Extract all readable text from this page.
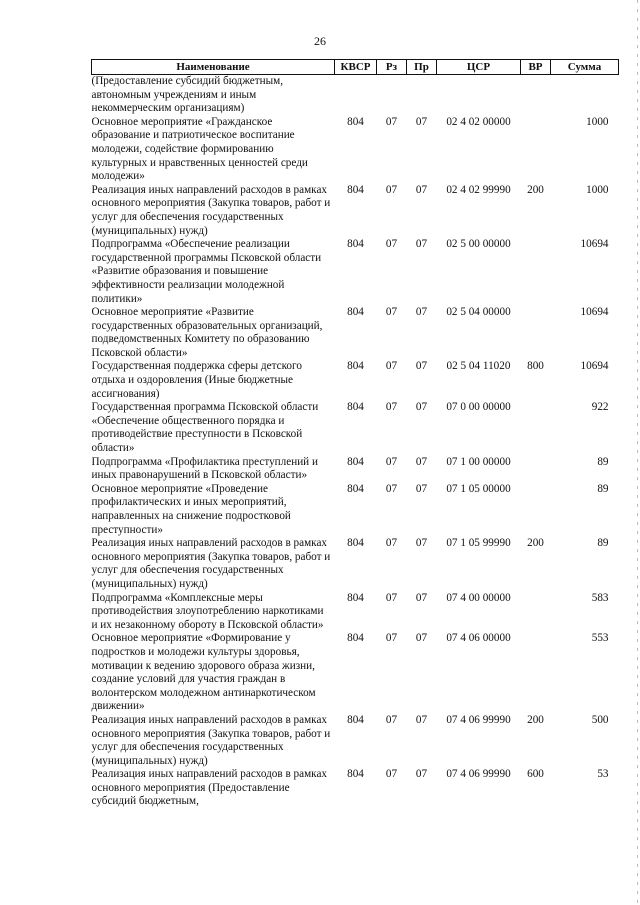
26
Наименование	КВСР	Рз	Пр	ЦСР	ВР	Сумма
(Предоставление субсидий бюджетным, автономным учреждениям и иным некоммерческим организациям)						
Основное мероприятие «Гражданское образование и патриотическое воспитание молодежи, содействие формированию культурных и нравственных ценностей среди молодежи»	804	07	07	02 4 02 00000		1000
Реализация иных направлений расходов в рамках основного мероприятия (Закупка товаров, работ и услуг для обеспечения государственных (муниципальных) нужд)	804	07	07	02 4 02 99990	200	1000
Подпрограмма «Обеспечение реализации государственной программы Псковской области «Развитие образования и повышение эффективности реализации молодежной политики»	804	07	07	02 5 00 00000		10694
Основное мероприятие «Развитие государственных образовательных организаций, подведомственных Комитету по образованию Псковской области»	804	07	07	02 5 04 00000		10694
Государственная поддержка сферы детского отдыха и оздоровления (Иные бюджетные ассигнования)	804	07	07	02 5 04 11020	800	10694
Государственная программа Псковской области «Обеспечение общественного порядка и противодействие преступности в Псковской области»	804	07	07	07 0 00 00000		922
Подпрограмма «Профилактика преступлений и иных правонарушений в Псковской области»	804	07	07	07 1 00 00000		89
Основное мероприятие «Проведение профилактических и иных мероприятий, направленных на снижение подростковой преступности»	804	07	07	07 1 05 00000		89
Реализация иных направлений расходов в рамках основного мероприятия (Закупка товаров, работ и услуг для обеспечения государственных (муниципальных) нужд)	804	07	07	07 1 05 99990	200	89
Подпрограмма «Комплексные меры противодействия злоупотреблению наркотиками и их незаконному обороту в Псковской области»	804	07	07	07 4 00 00000		583
Основное мероприятие «Формирование у подростков и молодежи культуры здоровья, мотивации к ведению здорового образа жизни, создание условий для участия граждан в волонтерском молодежном антинаркотическом движении»	804	07	07	07 4 06 00000		553
Реализация иных направлений расходов в рамках основного мероприятия (Закупка товаров, работ и услуг для обеспечения государственных (муниципальных) нужд)	804	07	07	07 4 06 99990	200	500
Реализация иных направлений расходов в рамках основного мероприятия (Предоставление субсидий бюджетным,	804	07	07	07 4 06 99990	600	53
